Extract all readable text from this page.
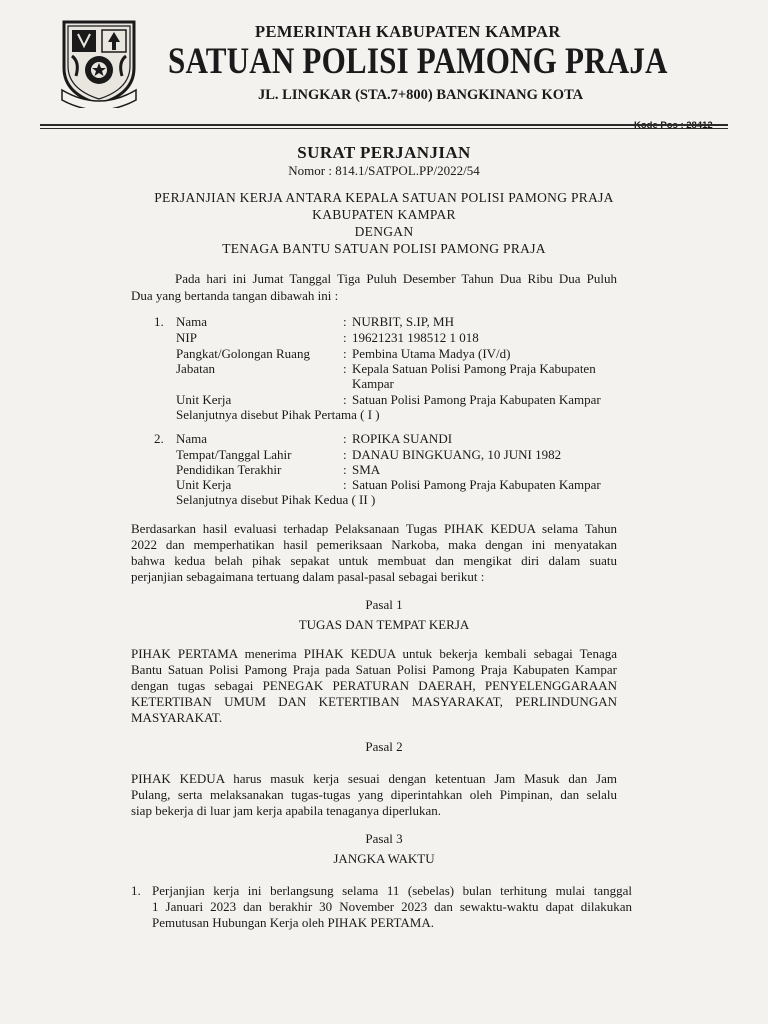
PEMERINTAH KABUPATEN KAMPAR
SATUAN POLISI PAMONG PRAJA
JL. LINGKAR (STA.7+800) BANGKINANG KOTA
SURAT PERJANJIAN
Nomor : 814.1/SATPOL.PP/2022/54
PERJANJIAN KERJA ANTARA KEPALA SATUAN POLISI PAMONG PRAJA
KABUPATEN KAMPAR
DENGAN
TENAGA BANTU SATUAN POLISI PAMONG PRAJA
Pada hari ini Jumat Tanggal Tiga Puluh Desember Tahun Dua Ribu Dua Puluh
Dua yang bertanda tangan dibawah ini :
1. Nama	: NURBIT, S.IP, MH
NIP	: 19621231 198512 1 018
Pangkat/Golongan Ruang	: Pembina Utama Madya (IV/d)
Jabatan	: Kepala Satuan Polisi Pamong Praja Kabupaten
Kampar
Unit Kerja	: Satuan Polisi Pamong Praja Kabupaten Kampar
Selanjutnya disebut Pihak Pertama ( I )
2. Nama	: ROPIKA SUANDI
Tempat/Tanggal Lahir	: DANAU BINGKUANG, 10 JUNI 1982
Pendidikan Terakhir	: SMA
Unit Kerja	: Satuan Polisi Pamong Praja Kabupaten Kampar
Selanjutnya disebut Pihak Kedua ( II )
Berdasarkan hasil evaluasi terhadap Pelaksanaan Tugas PIHAK KEDUA selama Tahun
2022 dan memperhatikan hasil pemeriksaan Narkoba, maka dengan ini menyatakan
bahwa kedua belah pihak sepakat untuk membuat dan mengikat diri dalam suatu
perjanjian sebagaimana tertuang dalam pasal-pasal sebagai berikut :
Pasal 1
TUGAS DAN TEMPAT KERJA
PIHAK PERTAMA menerima PIHAK KEDUA untuk bekerja kembali sebagai Tenaga
Bantu Satuan Polisi Pamong Praja pada Satuan Polisi Pamong Praja Kabupaten Kampar
dengan tugas sebagai PENEGAK PERATURAN DAERAH, PENYELENGGARAAN
KETERTIBAN UMUM DAN KETERTIBAN MASYARAKAT, PERLINDUNGAN
MASYARAKAT.
Pasal 2
PIHAK KEDUA harus masuk kerja sesuai dengan ketentuan Jam Masuk dan Jam
Pulang, serta melaksanakan tugas-tugas yang diperintahkan oleh Pimpinan, dan selalu
siap bekerja di luar jam kerja apabila tenaganya diperlukan.
Pasal 3
JANGKA WAKTU
1. Perjanjian kerja ini berlangsung selama 11 (sebelas) bulan terhitung mulai tanggal
1 Januari 2023 dan berakhir 30 November 2023 dan sewaktu-waktu dapat dilakukan
Pemutusan Hubungan Kerja oleh PIHAK PERTAMA.
